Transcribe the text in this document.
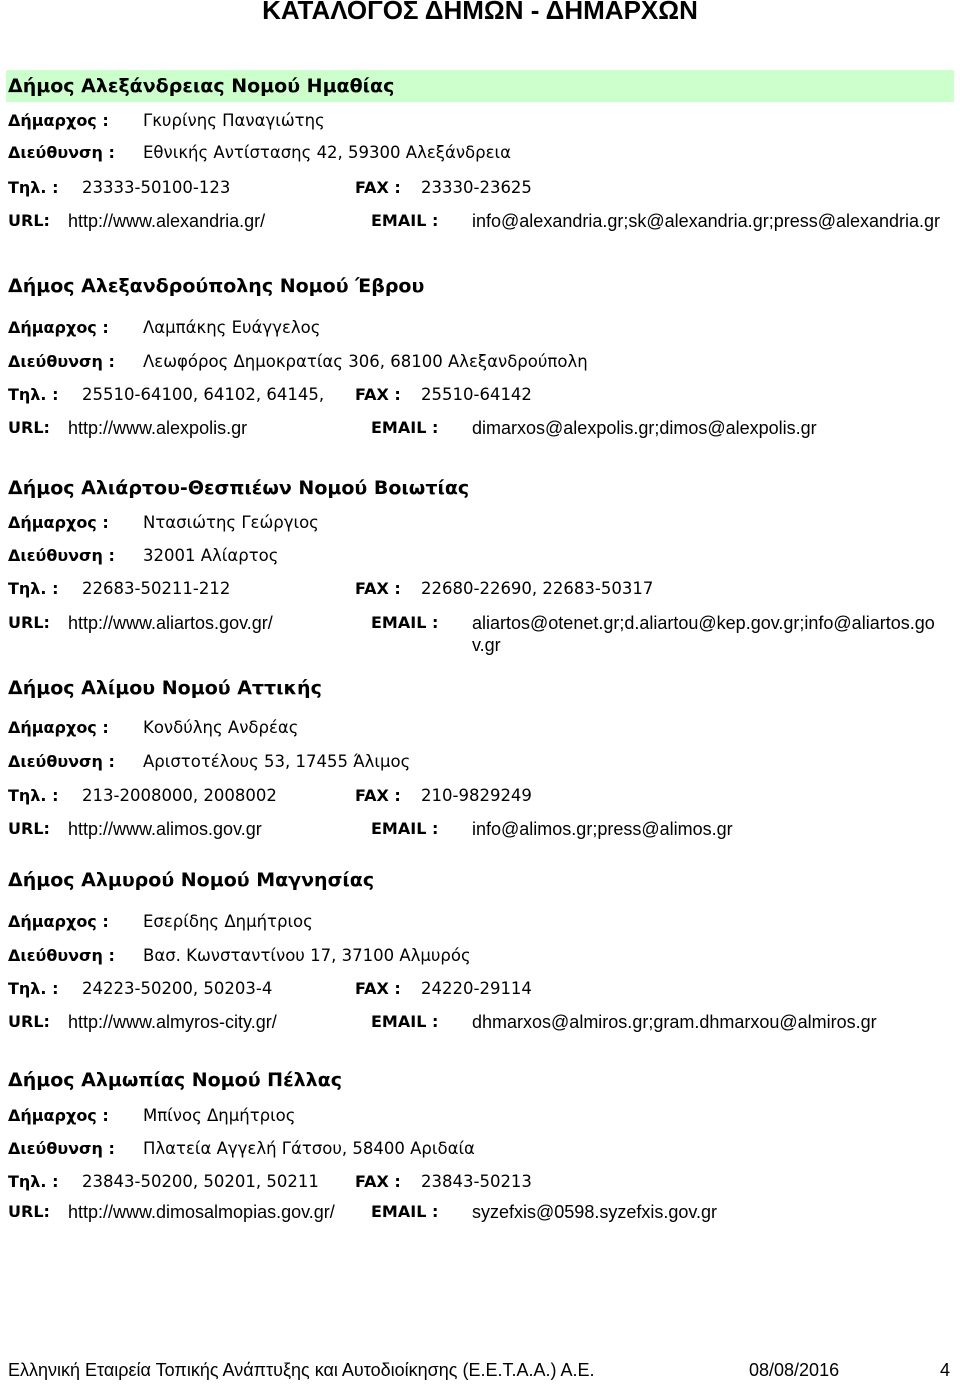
ΚΑΤΑΛΟΓΟΣ ΔΗΜΩΝ - ΔΗΜΑΡΧΩΝ
Δήμος Αλεξάνδρειας Νομού Ημαθίας
Δήμαρχος : Γκυρίνης Παναγιώτης
Διεύθυνση : Εθνικής Αντίστασης 42, 59300 Αλεξάνδρεια
Τηλ. : 23333-50100-123	FAX : 23330-23625
URL: http://www.alexandria.gr/	EMAIL : info@alexandria.gr;sk@alexandria.gr;press@alexandria.gr
Δήμος Αλεξανδρούπολης Νομού Έβρου
Δήμαρχος : Λαμπάκης Ευάγγελος
Διεύθυνση : Λεωφόρος Δημοκρατίας 306, 68100 Αλεξανδρούπολη
Τηλ. : 25510-64100, 64102, 64145, FAX : 25510-64142
URL: http://www.alexpolis.gr	EMAIL : dimarxos@alexpolis.gr;dimos@alexpolis.gr
Δήμος Αλιάρτου-Θεσπιέων Νομού Βοιωτίας
Δήμαρχος : Ντασιώτης Γεώργιος
Διεύθυνση : 32001 Αλίαρτος
Τηλ. : 22683-50211-212	FAX : 22680-22690, 22683-50317
URL: http://www.aliartos.gov.gr/	EMAIL : aliartos@otenet.gr;d.aliartou@kep.gov.gr;info@aliartos.gov.gr
Δήμος Αλίμου Νομού Αττικής
Δήμαρχος : Κονδύλης Ανδρέας
Διεύθυνση : Αριστοτέλους 53, 17455 Άλιμος
Τηλ. : 213-2008000, 2008002	FAX : 210-9829249
URL: http://www.alimos.gov.gr	EMAIL : info@alimos.gr;press@alimos.gr
Δήμος Αλμυρού Νομού Μαγνησίας
Δήμαρχος : Εσερίδης Δημήτριος
Διεύθυνση : Βασ. Κωνσταντίνου 17, 37100 Αλμυρός
Τηλ. : 24223-50200, 50203-4	FAX : 24220-29114
URL: http://www.almyros-city.gr/	EMAIL : dhmarxos@almiros.gr;gram.dhmarxou@almiros.gr
Δήμος Αλμωπίας Νομού Πέλλας
Δήμαρχος : Μπίνος Δημήτριος
Διεύθυνση : Πλατεία Αγγελή Γάτσου, 58400 Αριδαία
Τηλ. : 23843-50200, 50201, 50211 FAX : 23843-50213
URL: http://www.dimosalmopias.gov.gr/	EMAIL : syzefxis@0598.syzefxis.gov.gr
Ελληνική Εταιρεία Τοπικής Ανάπτυξης και Αυτοδιοίκησης (Ε.Ε.Τ.Α.Α.) Α.Ε.	08/08/2016	4
